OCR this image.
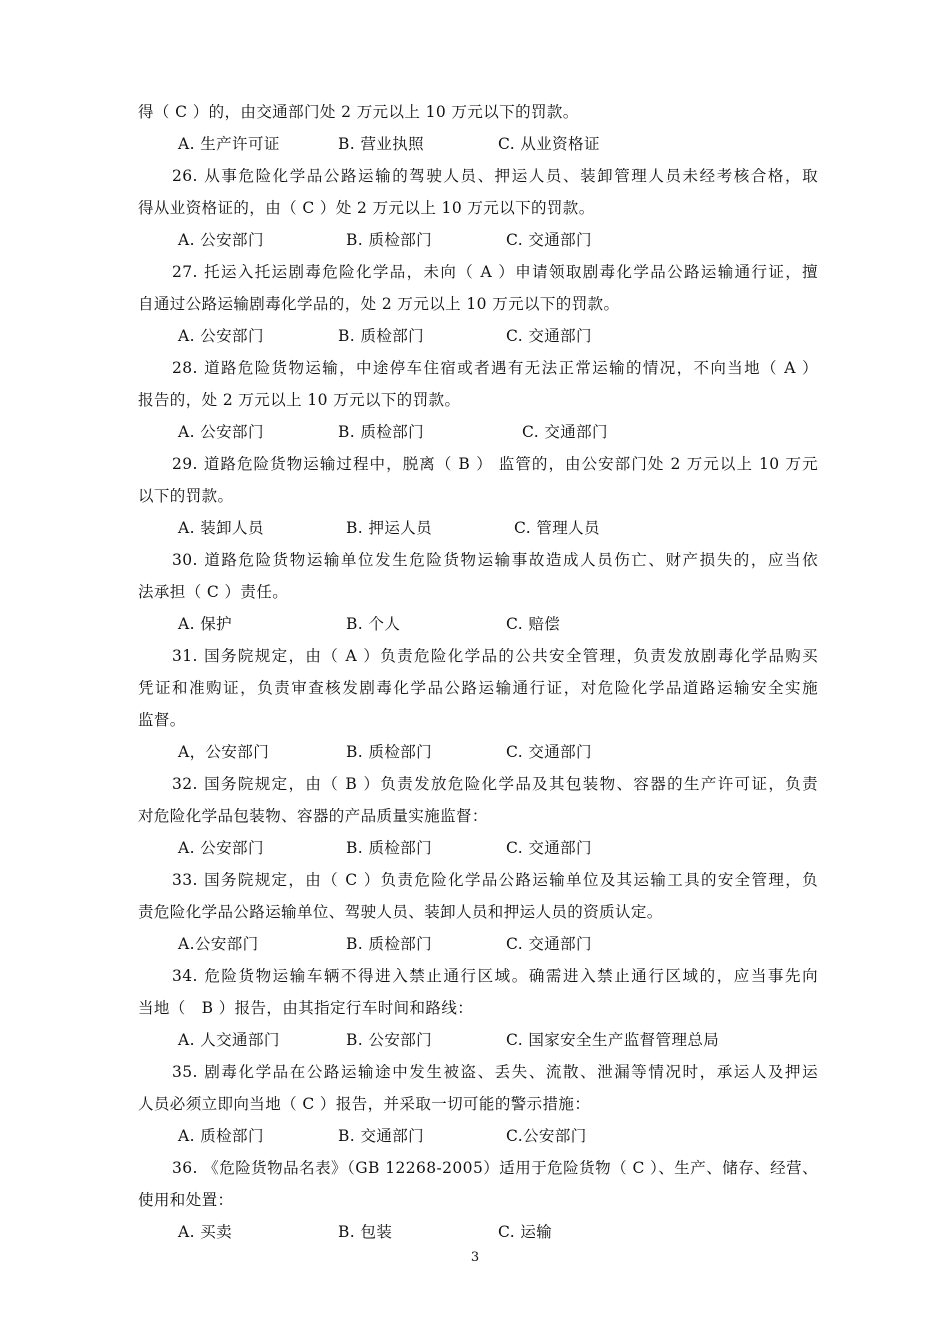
得（ C ）的，由交通部门处 2 万元以上 10 万元以下的罚款。
A. 生产许可证	B. 营业执照	C. 从业资格证
26. 从事危险化学品公路运输的驾驶人员、押运人员、装卸管理人员未经考核合格，取
得从业资格证的，由（ C ）处 2 万元以上 10 万元以下的罚款。
A. 公安部门	B. 质检部门	C. 交通部门
27. 托运入托运剧毒危险化学品，未向（ A ）申请领取剧毒化学品公路运输通行证，擅
自通过公路运输剧毒化学品的，处 2 万元以上 10 万元以下的罚款。
A. 公安部门	B. 质检部门	C. 交通部门
28. 道路危险货物运输，中途停车住宿或者遇有无法正常运输的情况，不向当地（ A ）
报告的，处 2 万元以上 10 万元以下的罚款。
A. 公安部门	B. 质检部门	C. 交通部门
29. 道路危险货物运输过程中，脱离（ B ） 监管的，由公安部门处 2 万元以上 10 万元
以下的罚款。
A. 装卸人员	B. 押运人员	C. 管理人员
30. 道路危险货物运输单位发生危险货物运输事故造成人员伤亡、财产损失的，应当依
法承担（ C ）责任。
A. 保护	B. 个人	C. 赔偿
31. 国务院规定，由（ A ）负责危险化学品的公共安全管理，负责发放剧毒化学品购买
凭证和准购证，负责审查核发剧毒化学品公路运输通行证，对危险化学品道路运输安全实施
监督。
A，公安部门	B. 质检部门	C. 交通部门
32. 国务院规定，由（ B ）负责发放危险化学品及其包装物、容器的生产许可证，负责
对危险化学品包装物、容器的产品质量实施监督：
A. 公安部门	B. 质检部门	C. 交通部门
33. 国务院规定，由（ C ）负责危险化学品公路运输单位及其运输工具的安全管理，负
责危险化学品公路运输单位、驾驶人员、装卸人员和押运人员的资质认定。
A.公安部门	B. 质检部门	C. 交通部门
34. 危险货物运输车辆不得进入禁止通行区域。确需进入禁止通行区域的，应当事先向
当地（　B ）报告，由其指定行车时间和路线：
A. 人交通部门	B. 公安部门	C. 国家安全生产监督管理总局
35. 剧毒化学品在公路运输途中发生被盗、丢失、流散、泄漏等情况时，承运人及押运
人员必须立即向当地（ C ）报告，并采取一切可能的警示措施：
A. 质检部门	B. 交通部门	C.公安部门
36. 《危险货物品名表》（GB 12268-2005）适用于危险货物（ C ）、生产、储存、经营、
使用和处置：
A. 买卖	B. 包装	C. 运输
3
